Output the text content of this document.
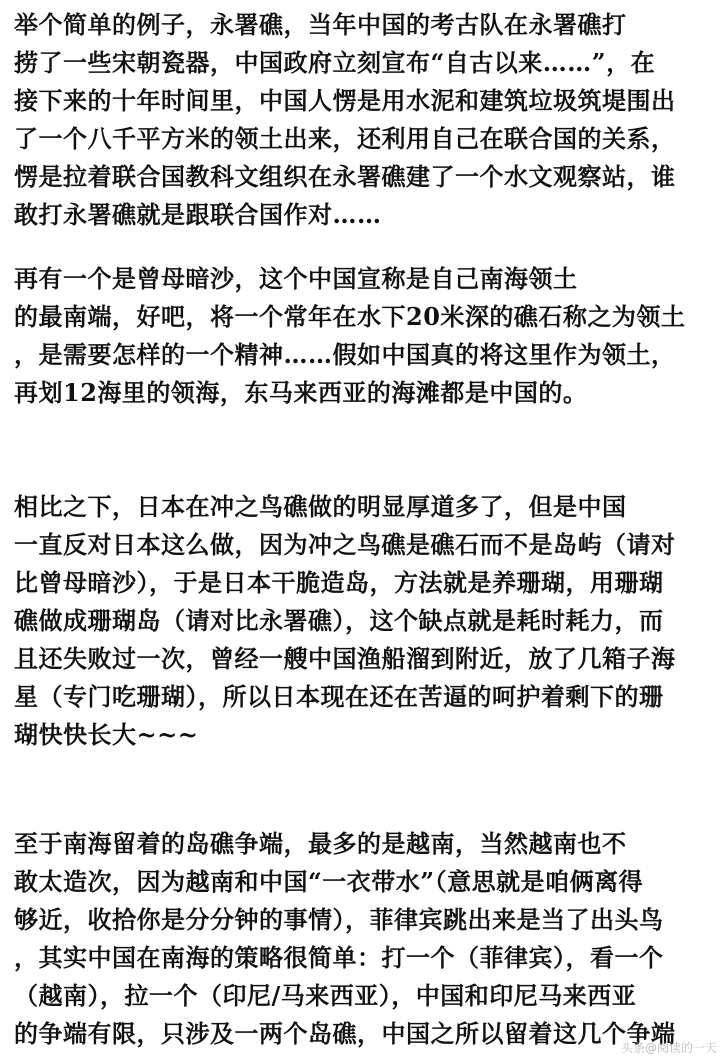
举个简单的例子，永署礁，当年中国的考古队在永署礁打
捞了一些宋朝瓷器，中国政府立刻宣布“自古以来……”，在
接下来的十年时间里，中国人愣是用水泥和建筑垃圾筑堤围出
了一个八千平方米的领土出来，还利用自己在联合国的关系，
愣是拉着联合国教科文组织在永署礁建了一个水文观察站，谁
敢打永署礁就是跟联合国作对……
再有一个是曾母暗沙，这个中国宣称是自己南海领土
的最南端，好吧，将一个常年在水下20米深的礁石称之为领土
，是需要怎样的一个精神……假如中国真的将这里作为领土，
再划12海里的领海，东马来西亚的海滩都是中国的。
相比之下，日本在冲之鸟礁做的明显厚道多了，但是中国
一直反对日本这么做，因为冲之鸟礁是礁石而不是岛屿（请对
比曾母暗沙），于是日本干脆造岛，方法就是养珊瑚，用珊瑚
礁做成珊瑚岛（请对比永署礁），这个缺点就是耗时耗力，而
且还失败过一次，曾经一艘中国渔船溜到附近，放了几箱子海
星（专门吃珊瑚），所以日本现在还在苦逼的呵护着剩下的珊
瑚快快长大~~~
至于南海留着的岛礁争端，最多的是越南，当然越南也不
敢太造次，因为越南和中国“一衣带水”（意思就是咱俩离得
够近，收拾你是分分钟的事情），菲律宾跳出来是当了出头鸟
，其实中国在南海的策略很简单：打一个（菲律宾），看一个
（越南），拉一个（印尼/马来西亚），中国和印尼马来西亚
的争端有限，只涉及一两个岛礁，中国之所以留着这几个争端
头条@阅读的一天
